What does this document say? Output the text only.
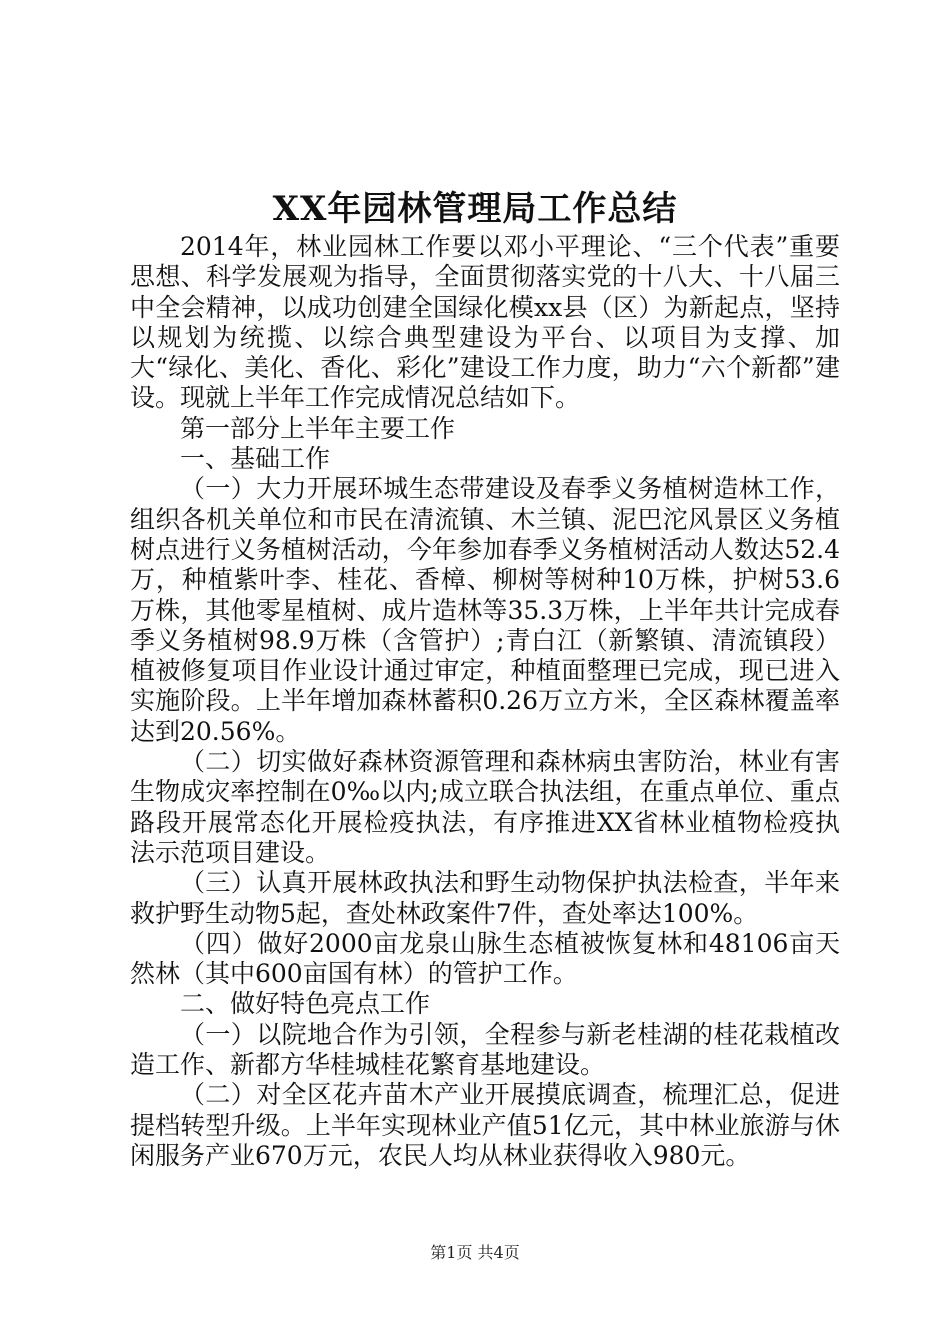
XX年园林管理局工作总结

2014年，林业园林工作要以邓小平理论、“三个代表”重要思想、科学发展观为指导，全面贯彻落实党的十八大、十八届三中全会精神，以成功创建全国绿化模xx县（区）为新起点，坚持以规划为统揽、以综合典型建设为平台、以项目为支撑、加大“绿化、美化、香化、彩化”建设工作力度，助力“六个新都”建设。现就上半年工作完成情况总结如下。

第一部分上半年主要工作

一、基础工作

（一）大力开展环城生态带建设及春季义务植树造林工作，组织各机关单位和市民在清流镇、木兰镇、泥巴沱风景区义务植树点进行义务植树活动，今年参加春季义务植树活动人数达52.4万，种植紫叶李、桂花、香樟、柳树等树种10万株，护树53.6万株，其他零星植树、成片造林等35.3万株，上半年共计完成春季义务植树98.9万株（含管护）;青白江（新繁镇、清流镇段）植被修复项目作业设计通过审定，种植面整理已完成，现已进入实施阶段。上半年增加森林蓄积0.26万立方米，全区森林覆盖率达到20.56%。

（二）切实做好森林资源管理和森林病虫害防治，林业有害生物成灾率控制在0‰以内;成立联合执法组，在重点单位、重点路段开展常态化开展检疫执法，有序推进XX省林业植物检疫执法示范项目建设。

（三）认真开展林政执法和野生动物保护执法检查，半年来救护野生动物5起，查处林政案件7件，查处率达100%。

（四）做好2000亩龙泉山脉生态植被恢复林和48106亩天然林（其中600亩国有林）的管护工作。

二、做好特色亮点工作

（一）以院地合作为引领，全程参与新老桂湖的桂花栽植改造工作、新都方华桂城桂花繁育基地建设。

（二）对全区花卉苗木产业开展摸底调查，梳理汇总，促进提档转型升级。上半年实现林业产值51亿元，其中林业旅游与休闲服务产业670万元，农民人均从林业获得收入980元。

第1页 共4页
